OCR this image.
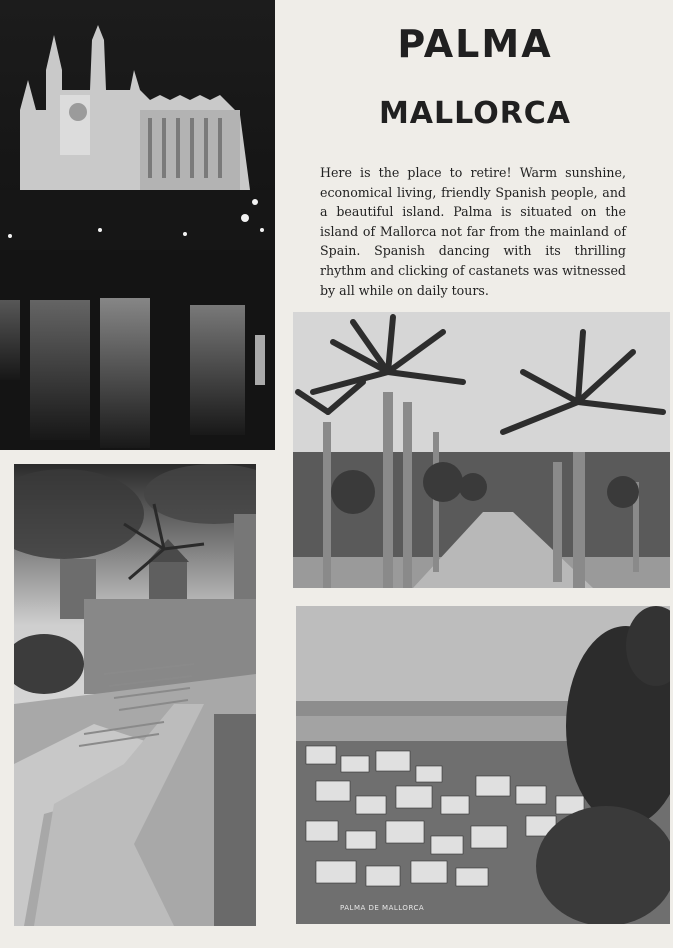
PALMA
MALLORCA
Here is the place to retire! Warm sunshine, economical living, friendly Spanish people, and a beautiful island. Palma is situated on the island of Mallorca not far from the mainland of Spain. Spanish dancing with its thrilling rhythm and clicking of castanets was witnessed by all while on daily tours.
PALMA DE MALLORCA
